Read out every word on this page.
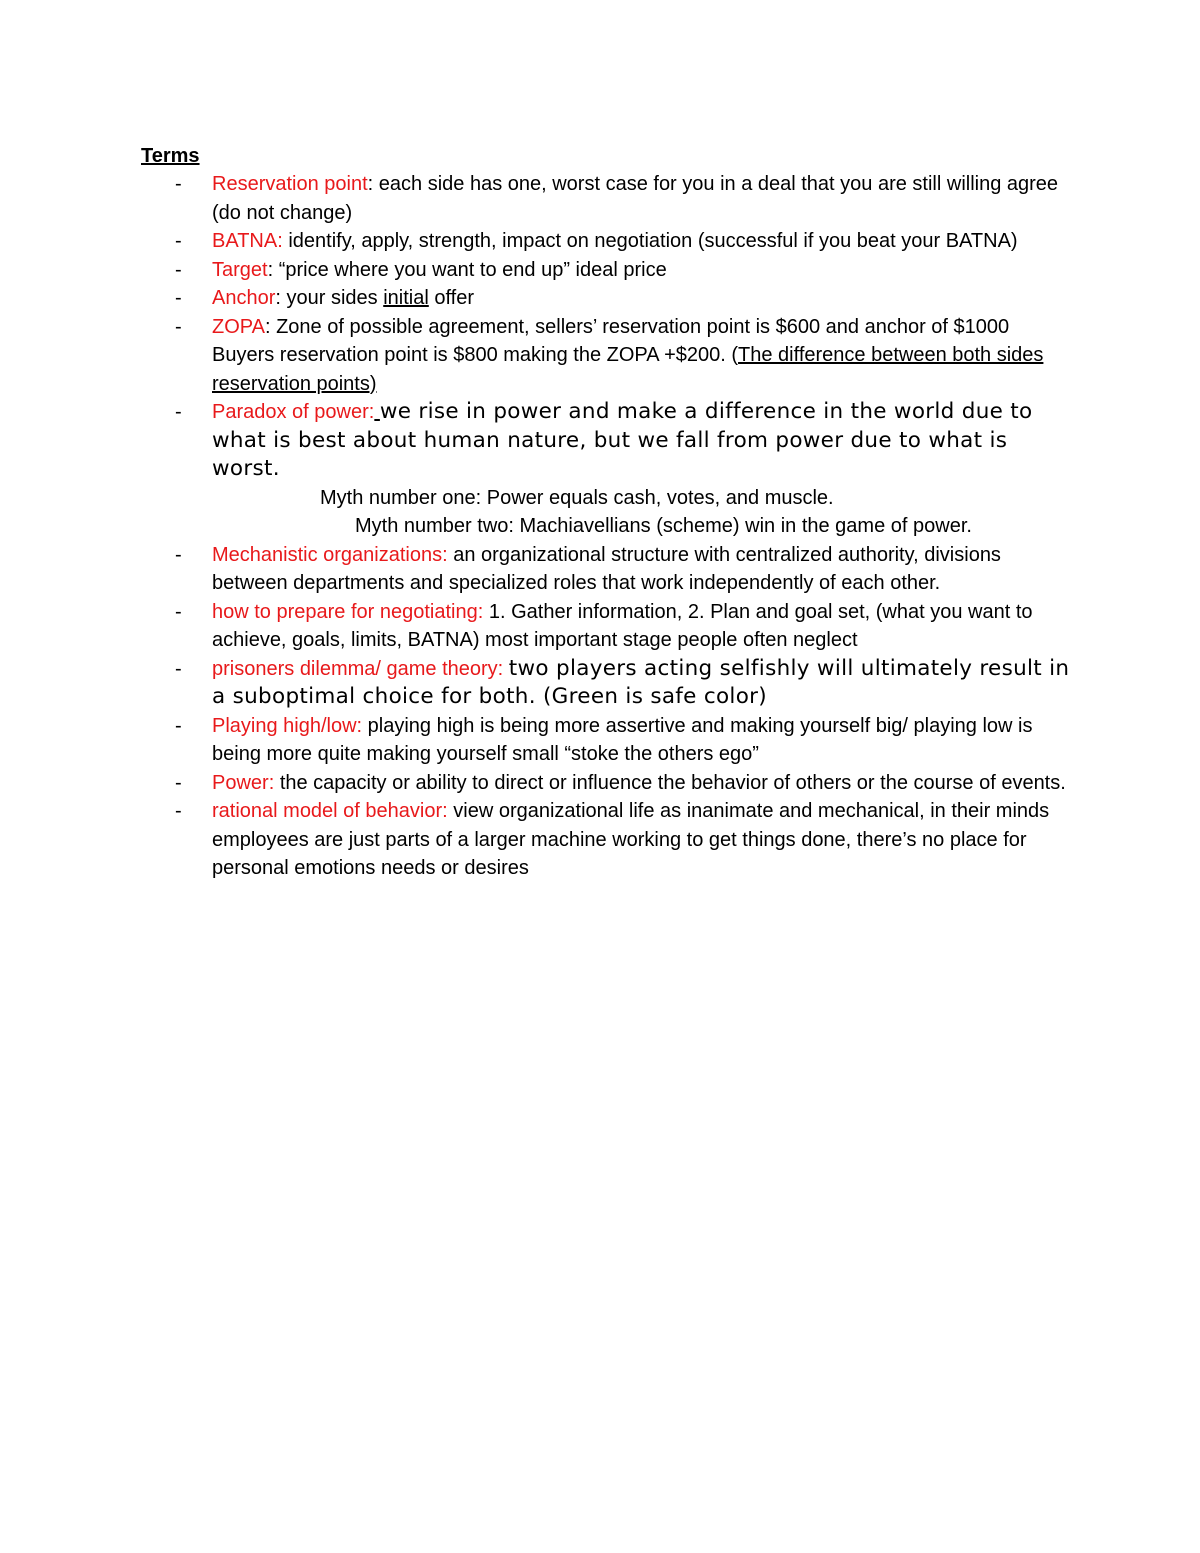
Terms
- Reservation point: each side has one, worst case for you in a deal that you are still willing agree (do not change)
- BATNA: identify, apply, strength, impact on negotiation (successful if you beat your BATNA)
- Target: “price where you want to end up” ideal price
- Anchor: your sides initial offer
- ZOPA: Zone of possible agreement, sellers’ reservation point is $600 and anchor of $1000 Buyers reservation point is $800 making the ZOPA +$200. (The difference between both sides reservation points)
- Paradox of power: we rise in power and make a difference in the world due to what is best about human nature, but we fall from power due to what is worst.
Myth number one: Power equals cash, votes, and muscle.
Myth number two: Machiavellians (scheme) win in the game of power.
- Mechanistic organizations: an organizational structure with centralized authority, divisions between departments and specialized roles that work independently of each other.
- how to prepare for negotiating: 1. Gather information, 2. Plan and goal set, (what you want to achieve, goals, limits, BATNA) most important stage people often neglect
- prisoners dilemma/ game theory: two players acting selfishly will ultimately result in a suboptimal choice for both. (Green is safe color)
- Playing high/low: playing high is being more assertive and making yourself big/ playing low is being more quite making yourself small “stoke the others ego”
- Power: the capacity or ability to direct or influence the behavior of others or the course of events.
- rational model of behavior: view organizational life as inanimate and mechanical, in their minds employees are just parts of a larger machine working to get things done, there’s no place for personal emotions needs or desires
